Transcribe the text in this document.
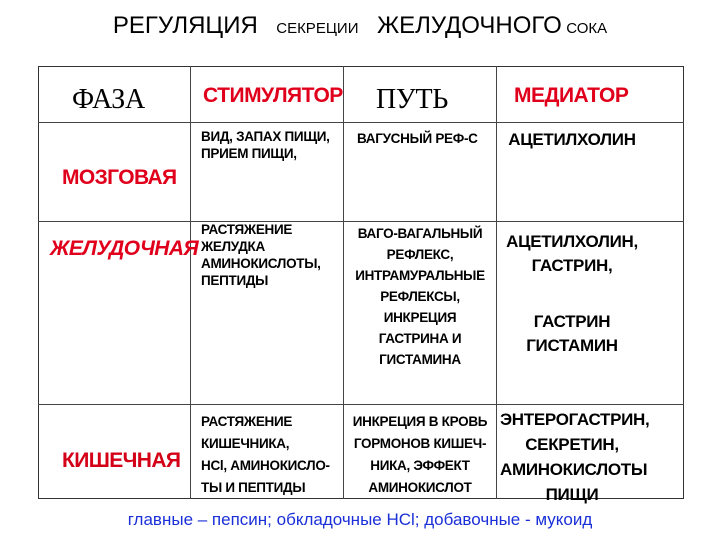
РЕГУЛЯЦИЯ СЕКРЕЦИИ ЖЕЛУДОЧНОГО СОКА
ФАЗА	СТИМУЛЯТОР ПУТЬ	МЕДИАТОР
МОЗГОВАЯ
ВИД, ЗАПАХ ПИЩИ,
ПРИЕМ ПИЩИ,
ВАГУСНЫЙ РЕФ-С АЦЕТИЛХОЛИН
ЖЕЛУДОЧНАЯ
РАСТЯЖЕНИЕ
ЖЕЛУДКА
АМИНОКИСЛОТЫ,
ПЕПТИДЫ
ВАГО-ВАГАЛЬНЫЙ
РЕФЛЕКС,
ИНТРАМУРАЛЬНЫЕ
РЕФЛЕКСЫ,
ИНКРЕЦИЯ
ГАСТРИНА И
ГИСТАМИНА
АЦЕТИЛХОЛИН,
ГАСТРИН,
ГАСТРИН
ГИСТАМИН
КИШЕЧНАЯ
РАСТЯЖЕНИЕ
КИШЕЧНИКА,
HCl, АМИНОКИСЛО-
ТЫ И ПЕПТИДЫ
ИНКРЕЦИЯ В КРОВЬ
ГОРМОНОВ КИШЕЧ-
НИКА, ЭФФЕКТ
АМИНОКИСЛОТ
ЭНТЕРОГАСТРИН,
СЕКРЕТИН,
АМИНОКИСЛОТЫ
ПИЩИ
главные – пепсин; обкладочные HCl; добавочные - мукоид
